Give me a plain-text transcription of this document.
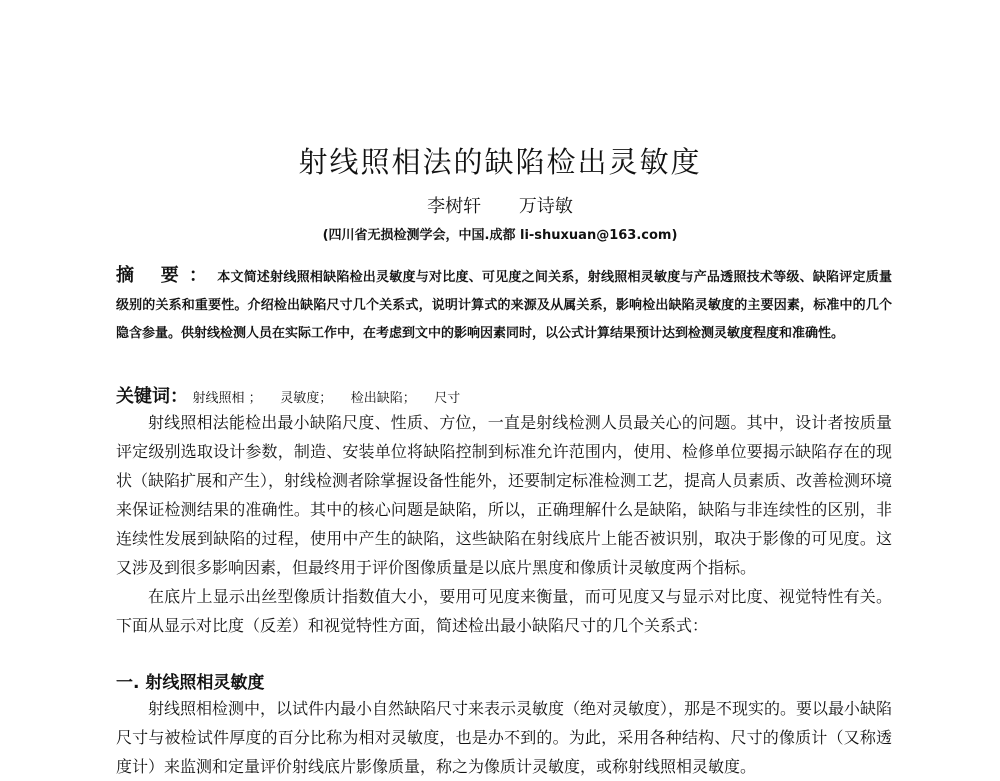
射线照相法的缺陷检出灵敏度
李树轩 万诗敏
(四川省无损检测学会，中国.成都 li-shuxuan@163.com)
摘 要：本文简述射线照相缺陷检出灵敏度与对比度、可见度之间关系，射线照相灵敏度与产品透照技术等级、缺陷评定质量级别的关系和重要性。介绍检出缺陷尺寸几个关系式，说明计算式的来源及从属关系，影响检出缺陷灵敏度的主要因素，标准中的几个隐含参量。供射线检测人员在实际工作中，在考虑到文中的影响因素同时，以公式计算结果预计达到检测灵敏度程度和准确性。
关键词： 射线照相 ； 灵敏度； 检出缺陷； 尺寸

射线照相法能检出最小缺陷尺度、性质、方位，一直是射线检测人员最关心的问题。其中，设计者按质量评定级别选取设计参数，制造、安装单位将缺陷控制到标准允许范围内，使用、检修单位要揭示缺陷存在的现状（缺陷扩展和产生），射线检测者除掌握设备性能外，还要制定标准检测工艺，提高人员素质、改善检测环境来保证检测结果的准确性。其中的核心问题是缺陷，所以，正确理解什么是缺陷，缺陷与非连续性的区别，非连续性发展到缺陷的过程，使用中产生的缺陷，这些缺陷在射线底片上能否被识别，取决于影像的可见度。这又涉及到很多影响因素，但最终用于评价图像质量是以底片黑度和像质计灵敏度两个指标。

在底片上显示出丝型像质计指数值大小，要用可见度来衡量，而可见度又与显示对比度、视觉特性有关。下面从显示对比度（反差）和视觉特性方面，简述检出最小缺陷尺寸的几个关系式：

一. 射线照相灵敏度

射线照相检测中，以试件内最小自然缺陷尺寸来表示灵敏度（绝对灵敏度），那是不现实的。要以最小缺陷尺寸与被检试件厚度的百分比称为相对灵敏度，也是办不到的。为此，采用各种结构、尺寸的像质计（又称透度计）来监测和定量评价射线底片影像质量，称之为像质计灵敏度，或称射线照相灵敏度。
